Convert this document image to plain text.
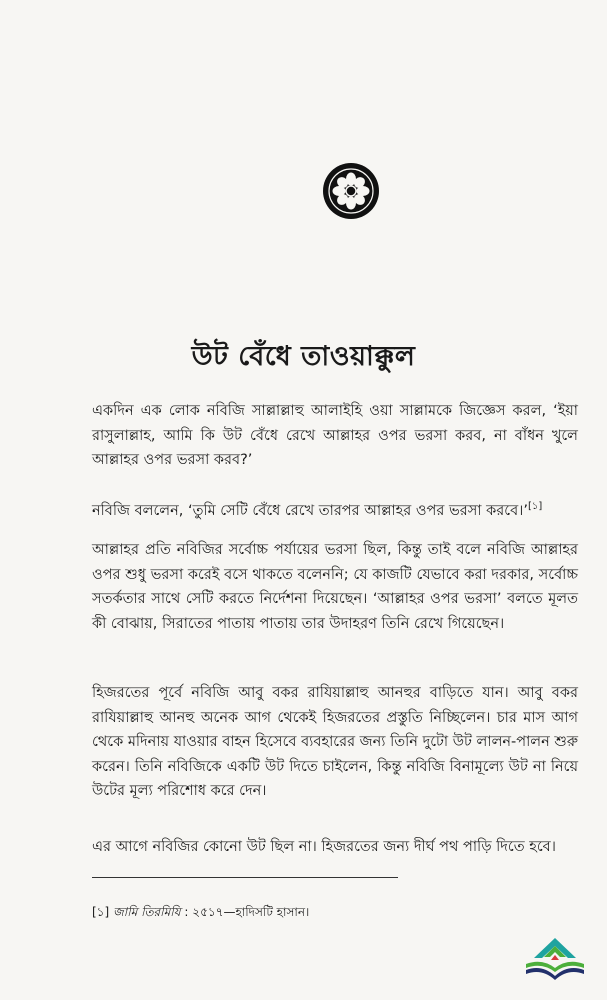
উট বেঁধে তাওয়াক্কুল

একদিন এক লোক নবিজি সাল্লাল্লাহু আলাইহি ওয়া সাল্লামকে জিজ্ঞেস করল, ‘ইয়া রাসুলাল্লাহ, আমি কি উট বেঁধে রেখে আল্লাহর ওপর ভরসা করব, না বাঁধন খুলে আল্লাহর ওপর ভরসা করব?’

নবিজি বললেন, ‘তুমি সেটি বেঁধে রেখে তারপর আল্লাহর ওপর ভরসা করবে।’[১]

আল্লাহর প্রতি নবিজির সর্বোচ্চ পর্যায়ের ভরসা ছিল, কিন্তু তাই বলে নবিজি আল্লাহর ওপর শুধু ভরসা করেই বসে থাকতে বলেননি; যে কাজটি যেভাবে করা দরকার, সর্বোচ্চ সতর্কতার সাথে সেটি করতে নির্দেশনা দিয়েছেন। ‘আল্লাহর ওপর ভরসা’ বলতে মূলত কী বোঝায়, সিরাতের পাতায় পাতায় তার উদাহরণ তিনি রেখে গিয়েছেন।

হিজরতের পূর্বে নবিজি আবু বকর রাযিয়াল্লাহু আনহুর বাড়িতে যান। আবু বকর রাযিয়াল্লাহু আনহু অনেক আগ থেকেই হিজরতের প্রস্তুতি নিচ্ছিলেন। চার মাস আগ থেকে মদিনায় যাওয়ার বাহন হিসেবে ব্যবহারের জন্য তিনি দুটো উট লালন-পালন শুরু করেন। তিনি নবিজিকে একটি উট দিতে চাইলেন, কিন্তু নবিজি বিনামূল্যে উট না নিয়ে উটের মূল্য পরিশোধ করে দেন।

এর আগে নবিজির কোনো উট ছিল না। হিজরতের জন্য দীর্ঘ পথ পাড়ি দিতে হবে।

[১] জামি তিরমিযি : ২৫১৭—হাদিসটি হাসান।
